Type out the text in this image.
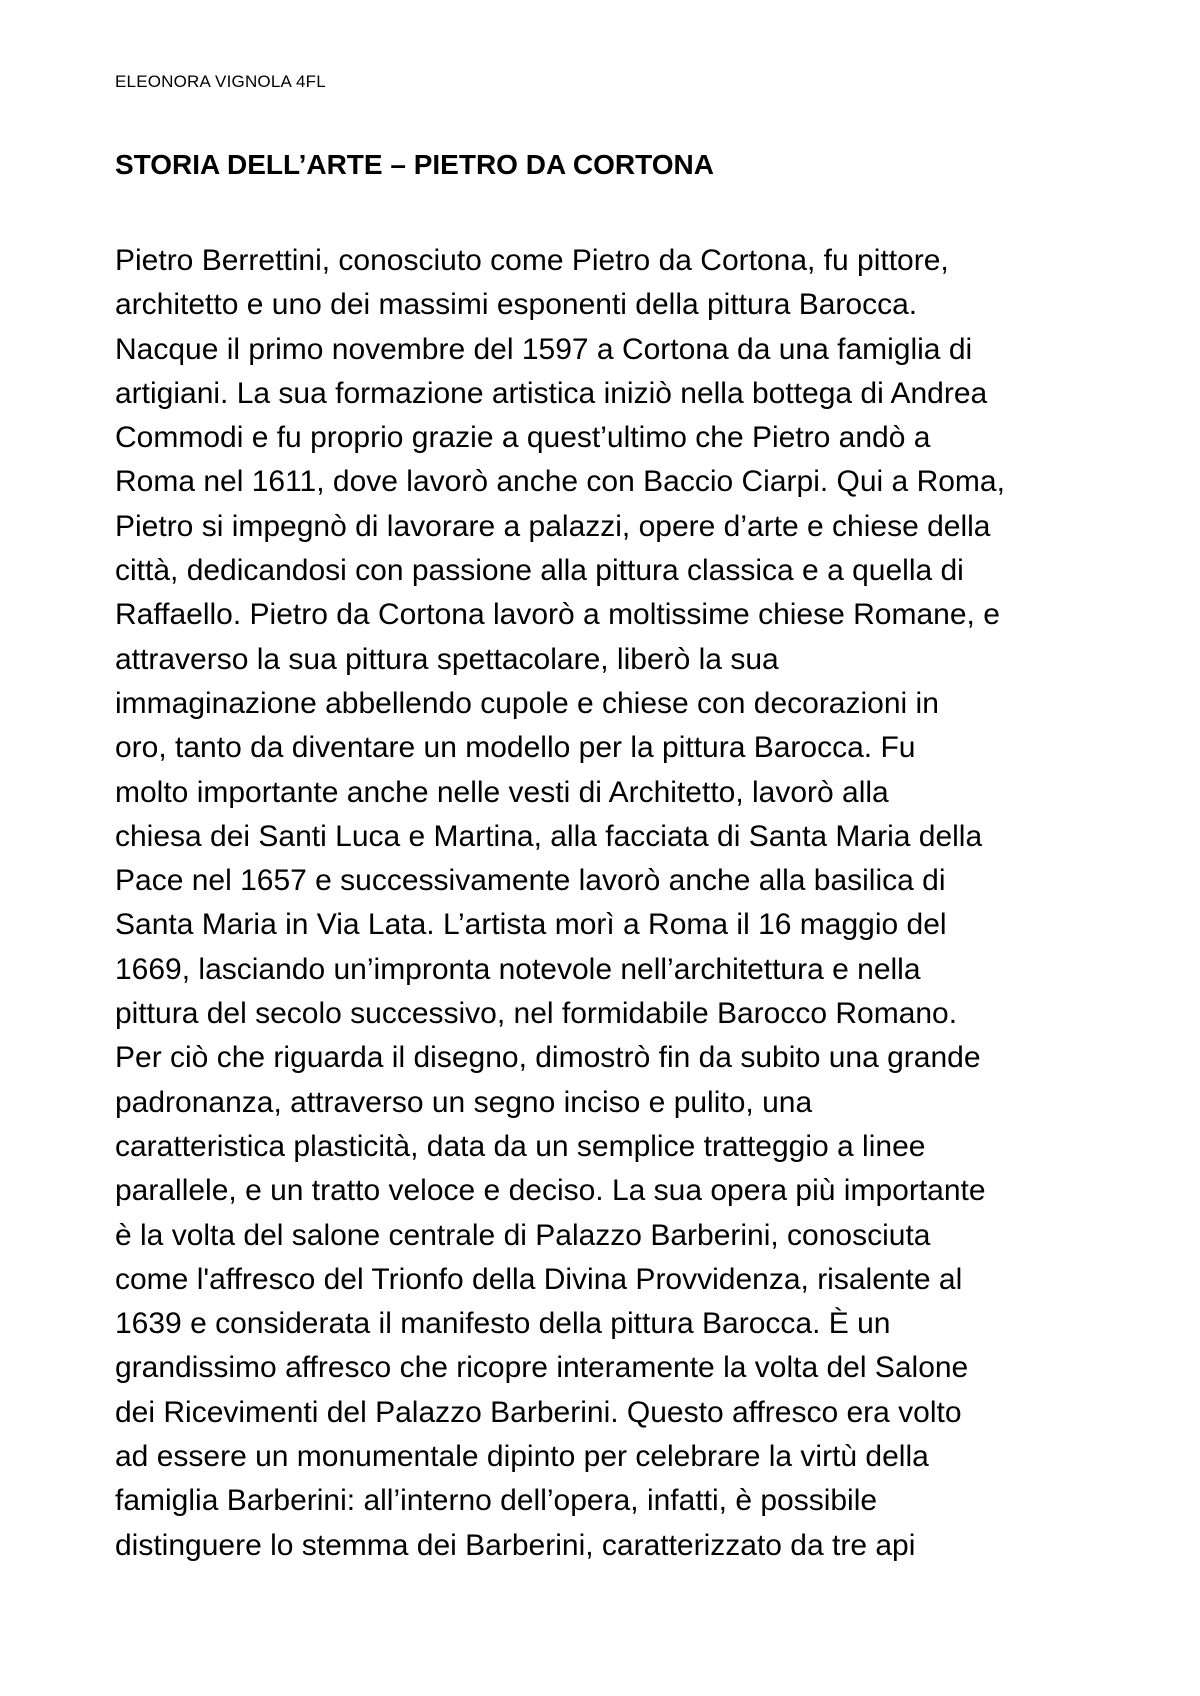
ELEONORA VIGNOLA 4FL
STORIA DELL’ARTE – PIETRO DA CORTONA
Pietro Berrettini, conosciuto come Pietro da Cortona, fu pittore,
architetto e uno dei massimi esponenti della pittura Barocca.
Nacque il primo novembre del 1597 a Cortona da una famiglia di
artigiani. La sua formazione artistica iniziò nella bottega di Andrea
Commodi e fu proprio grazie a quest’ultimo che Pietro andò a
Roma nel 1611, dove lavorò anche con Baccio Ciarpi. Qui a Roma,
Pietro si impegnò di lavorare a palazzi, opere d’arte e chiese della
città, dedicandosi con passione alla pittura classica e a quella di
Raffaello. Pietro da Cortona lavorò a moltissime chiese Romane, e
attraverso la sua pittura spettacolare, liberò la sua
immaginazione abbellendo cupole e chiese con decorazioni in
oro, tanto da diventare un modello per la pittura Barocca. Fu
molto importante anche nelle vesti di Architetto, lavorò alla
chiesa dei Santi Luca e Martina, alla facciata di Santa Maria della
Pace nel 1657 e successivamente lavorò anche alla basilica di
Santa Maria in Via Lata. L’artista morì a Roma il 16 maggio del
1669, lasciando un’impronta notevole nell’architettura e nella
pittura del secolo successivo, nel formidabile Barocco Romano.
Per ciò che riguarda il disegno, dimostrò fin da subito una grande
padronanza, attraverso un segno inciso e pulito, una
caratteristica plasticità, data da un semplice tratteggio a linee
parallele, e un tratto veloce e deciso. La sua opera più importante
è la volta del salone centrale di Palazzo Barberini, conosciuta
come l'affresco del Trionfo della Divina Provvidenza, risalente al
1639 e considerata il manifesto della pittura Barocca. È un
grandissimo affresco che ricopre interamente la volta del Salone
dei Ricevimenti del Palazzo Barberini. Questo affresco era volto
ad essere un monumentale dipinto per celebrare la virtù della
famiglia Barberini: all’interno dell’opera, infatti, è possibile
distinguere lo stemma dei Barberini, caratterizzato da tre api
